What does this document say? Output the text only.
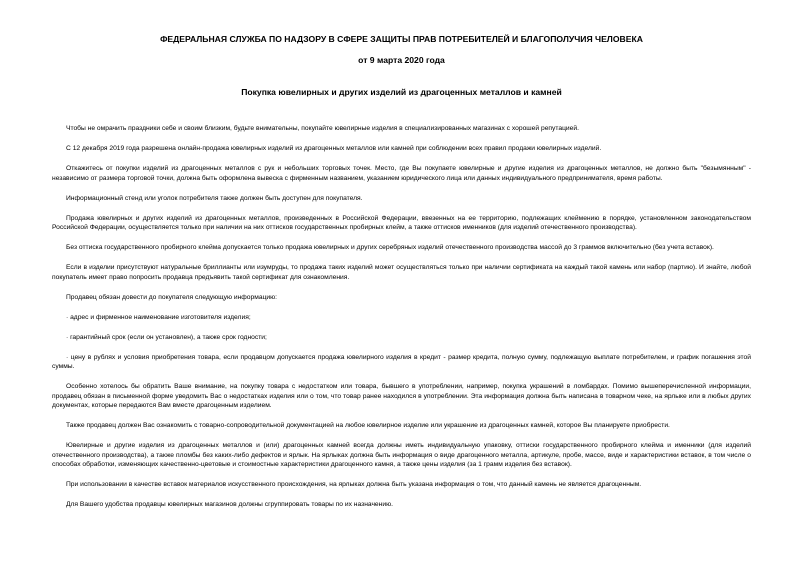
ФЕДЕРАЛЬНАЯ СЛУЖБА ПО НАДЗОРУ В СФЕРЕ ЗАЩИТЫ ПРАВ ПОТРЕБИТЕЛЕЙ И БЛАГОПОЛУЧИЯ ЧЕЛОВЕКА
от 9 марта 2020 года
Покупка ювелирных и других изделий из драгоценных металлов и камней

Чтобы не омрачить праздники себе и своим близким, будьте внимательны, покупайте ювелирные изделия в специализированных магазинах с хорошей репутацией.

С 12 декабря 2019 года разрешена онлайн-продажа ювелирных изделий из драгоценных металлов или камней при соблюдении всех правил продажи ювелирных изделий.

Откажитесь от покупки изделий из драгоценных металлов с рук и небольших торговых точек. Место, где Вы покупаете ювелирные и другие изделия из драгоценных металлов, не должно быть "безымянным" - независимо от размера торговой точки, должна быть оформлена вывеска с фирменным названием, указанием юридического лица или данных индивидуального предпринимателя, время работы.

Информационный стенд или уголок потребителя также должен быть доступен для покупателя.

Продажа ювелирных и других изделий из драгоценных металлов, произведенных в Российской Федерации, ввезенных на ее территорию, подлежащих клеймению в порядке, установленном законодательством Российской Федерации, осуществляется только при наличии на них оттисков государственных пробирных клейм, а также оттисков именников (для изделий отечественного производства).

Без оттиска государственного пробирного клейма допускается только продажа ювелирных и других серебряных изделий отечественного производства массой до 3 граммов включительно (без учета вставок).

Если в изделии присутствуют натуральные бриллианты или изумруды, то продажа таких изделий может осуществляться только при наличии сертификата на каждый такой камень или набор (партию). И знайте, любой покупатель имеет право попросить продавца предъявить такой сертификат для ознакомления.

Продавец обязан довести до покупателя следующую информацию:

· адрес и фирменное наименование изготовителя изделия;

· гарантийный срок (если он установлен), а также срок годности;

· цену в рублях и условия приобретения товара, если продавцом допускается продажа ювелирного изделия в кредит - размер кредита, полную сумму, подлежащую выплате потребителем, и график погашения этой суммы.

Особенно хотелось бы обратить Ваше внимание, на покупку товара с недостатком или товара, бывшего в употреблении, например, покупка украшений в ломбардах. Помимо вышеперечисленной информации, продавец обязан в письменной форме уведомить Вас о недостатках изделия или о том, что товар ранее находился в употреблении. Эта информация должна быть написана в товарном чеке, на ярлыке или в любых других документах, которые передаются Вам вместе драгоценным изделием.

Также продавец должен Вас ознакомить с товарно-сопроводительной документацией на любое ювелирное изделие или украшение из драгоценных камней, которое Вы планируете приобрести.

Ювелирные и другие изделия из драгоценных металлов и (или) драгоценных камней всегда должны иметь индивидуальную упаковку, оттиски государственного пробирного клейма и именники (для изделий отечественного производства), а также пломбы без каких-либо дефектов и ярлык. На ярлыках должна быть информация о виде драгоценного металла, артикуле, пробе, массе, виде и характеристики вставок, в том числе о способах обработки, изменяющих качественно-цветовые и стоимостные характеристики драгоценного камня, а также цены изделия (за 1 грамм изделия без вставок).

При использовании в качестве вставок материалов искусственного происхождения, на ярлыках должна быть указана информация о том, что данный камень не является драгоценным.

Для Вашего удобства продавцы ювелирных магазинов должны сгруппировать товары по их назначению.
